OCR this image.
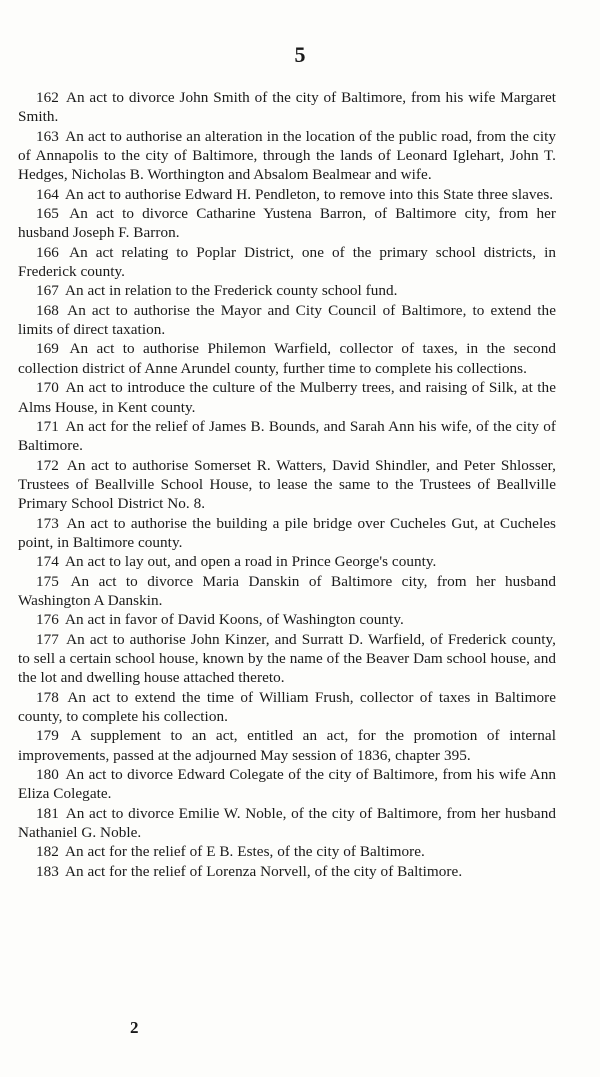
5
162 An act to divorce John Smith of the city of Baltimore, from his wife Margaret Smith.
163 An act to authorise an alteration in the location of the public road, from the city of Annapolis to the city of Baltimore, through the lands of Leonard Iglehart, John T. Hedges, Nicholas B. Worthington and Absalom Bealmear and wife.
164 An act to authorise Edward H. Pendleton, to remove into this State three slaves.
165 An act to divorce Catharine Yustena Barron, of Baltimore city, from her husband Joseph F. Barron.
166 An act relating to Poplar District, one of the primary school districts, in Frederick county.
167 An act in relation to the Frederick county school fund.
168 An act to authorise the Mayor and City Council of Baltimore, to extend the limits of direct taxation.
169 An act to authorise Philemon Warfield, collector of taxes, in the second collection district of Anne Arundel county, further time to complete his collections.
170 An act to introduce the culture of the Mulberry trees, and raising of Silk, at the Alms House, in Kent county.
171 An act for the relief of James B. Bounds, and Sarah Ann his wife, of the city of Baltimore.
172 An act to authorise Somerset R. Watters, David Shindler, and Peter Shlosser, Trustees of Beallville School House, to lease the same to the Trustees of Beallville Primary School District No. 8.
173 An act to authorise the building a pile bridge over Cucheles Gut, at Cucheles point, in Baltimore county.
174 An act to lay out, and open a road in Prince George's county.
175 An act to divorce Maria Danskin of Baltimore city, from her husband Washington A Danskin.
176 An act in favor of David Koons, of Washington county.
177 An act to authorise John Kinzer, and Surratt D. Warfield, of Frederick county, to sell a certain school house, known by the name of the Beaver Dam school house, and the lot and dwelling house attached thereto.
178 An act to extend the time of William Frush, collector of taxes in Baltimore county, to complete his collection.
179 A supplement to an act, entitled an act, for the promotion of internal improvements, passed at the adjourned May session of 1836, chapter 395.
180 An act to divorce Edward Colegate of the city of Baltimore, from his wife Ann Eliza Colegate.
181 An act to divorce Emilie W. Noble, of the city of Baltimore, from her husband Nathaniel G. Noble.
182 An act for the relief of E B. Estes, of the city of Baltimore.
183 An act for the relief of Lorenza Norvell, of the city of Baltimore.
2
